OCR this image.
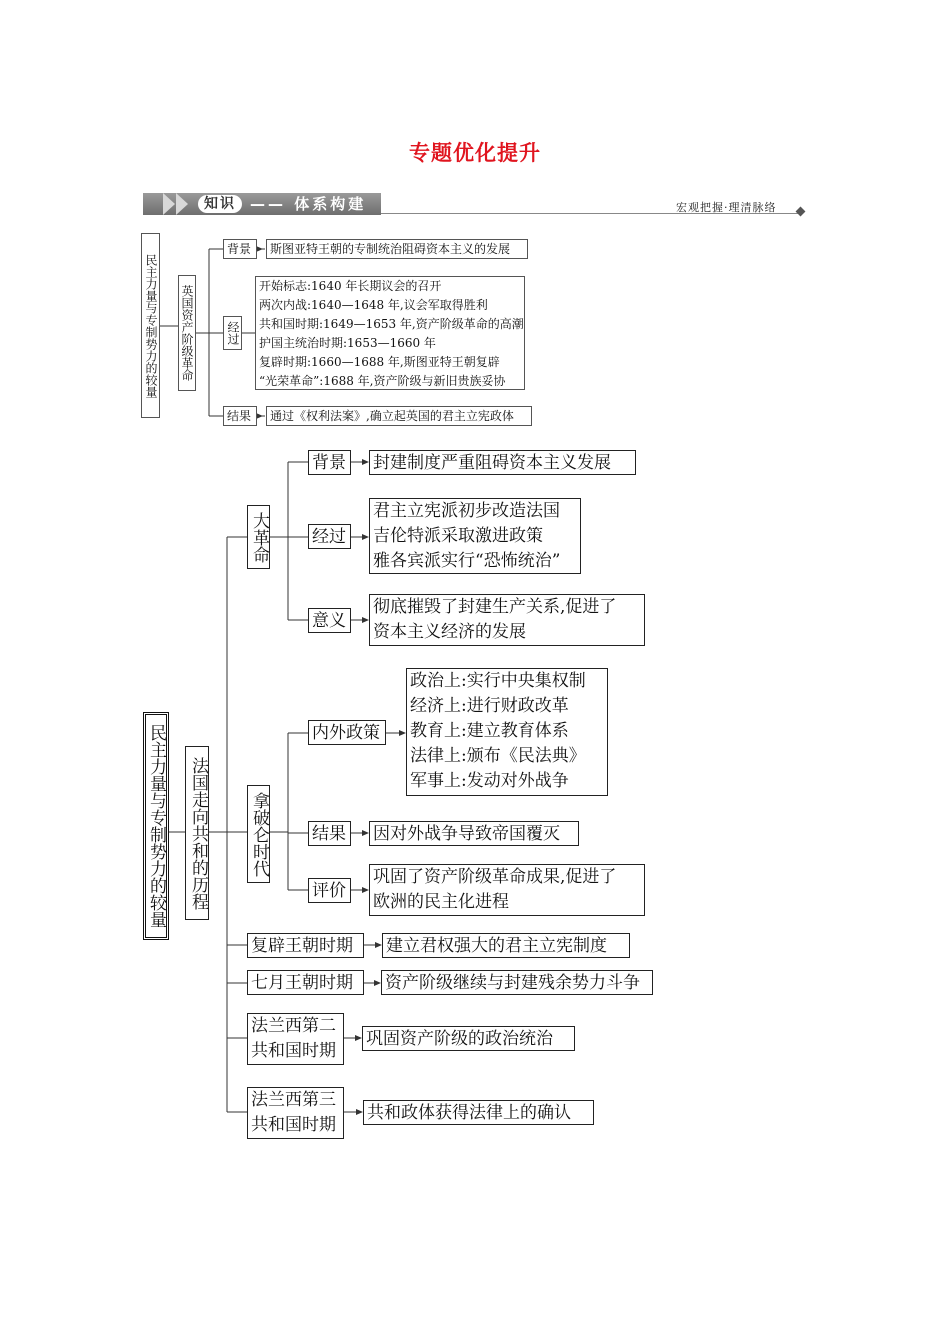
专题优化提升
知识 —— 体系构建	宏观把握·理清脉络
民主力量与专制势力的较量 英国资产阶级革命
背景	斯图亚特王朝的专制统治阻碍资本主义的发展
经过
开始标志:1640 年长期议会的召开
两次内战:1640—1648 年,议会军取得胜利
共和国时期:1649—1653 年,资产阶级革命的高潮
护国主统治时期:1653—1660 年
复辟时期:1660—1688 年,斯图亚特王朝复辟
“光荣革命”:1688 年,资产阶级与新旧贵族妥协
结果	通过《权利法案》,确立起英国的君主立宪政体
民主力量与专制势力的较量 法国走向共和的历程
大革命
背景 封建制度严重阻碍资本主义发展
经过
君主立宪派初步改造法国
吉伦特派采取激进政策
雅各宾派实行“恐怖统治”
意义
彻底摧毁了封建生产关系,促进了
资本主义经济的发展
拿破仑时代
内外政策
政治上:实行中央集权制
经济上:进行财政改革
教育上:建立教育体系
法律上:颁布《民法典》
军事上:发动对外战争
结果 因对外战争导致帝国覆灭
评价
巩固了资产阶级革命成果,促进了
欧洲的民主化进程
复辟王朝时期	建立君权强大的君主立宪制度
七月王朝时期	资产阶级继续与封建残余势力斗争
法兰西第二
共和国时期
巩固资产阶级的政治统治
法兰西第三
共和国时期
共和政体获得法律上的确认
